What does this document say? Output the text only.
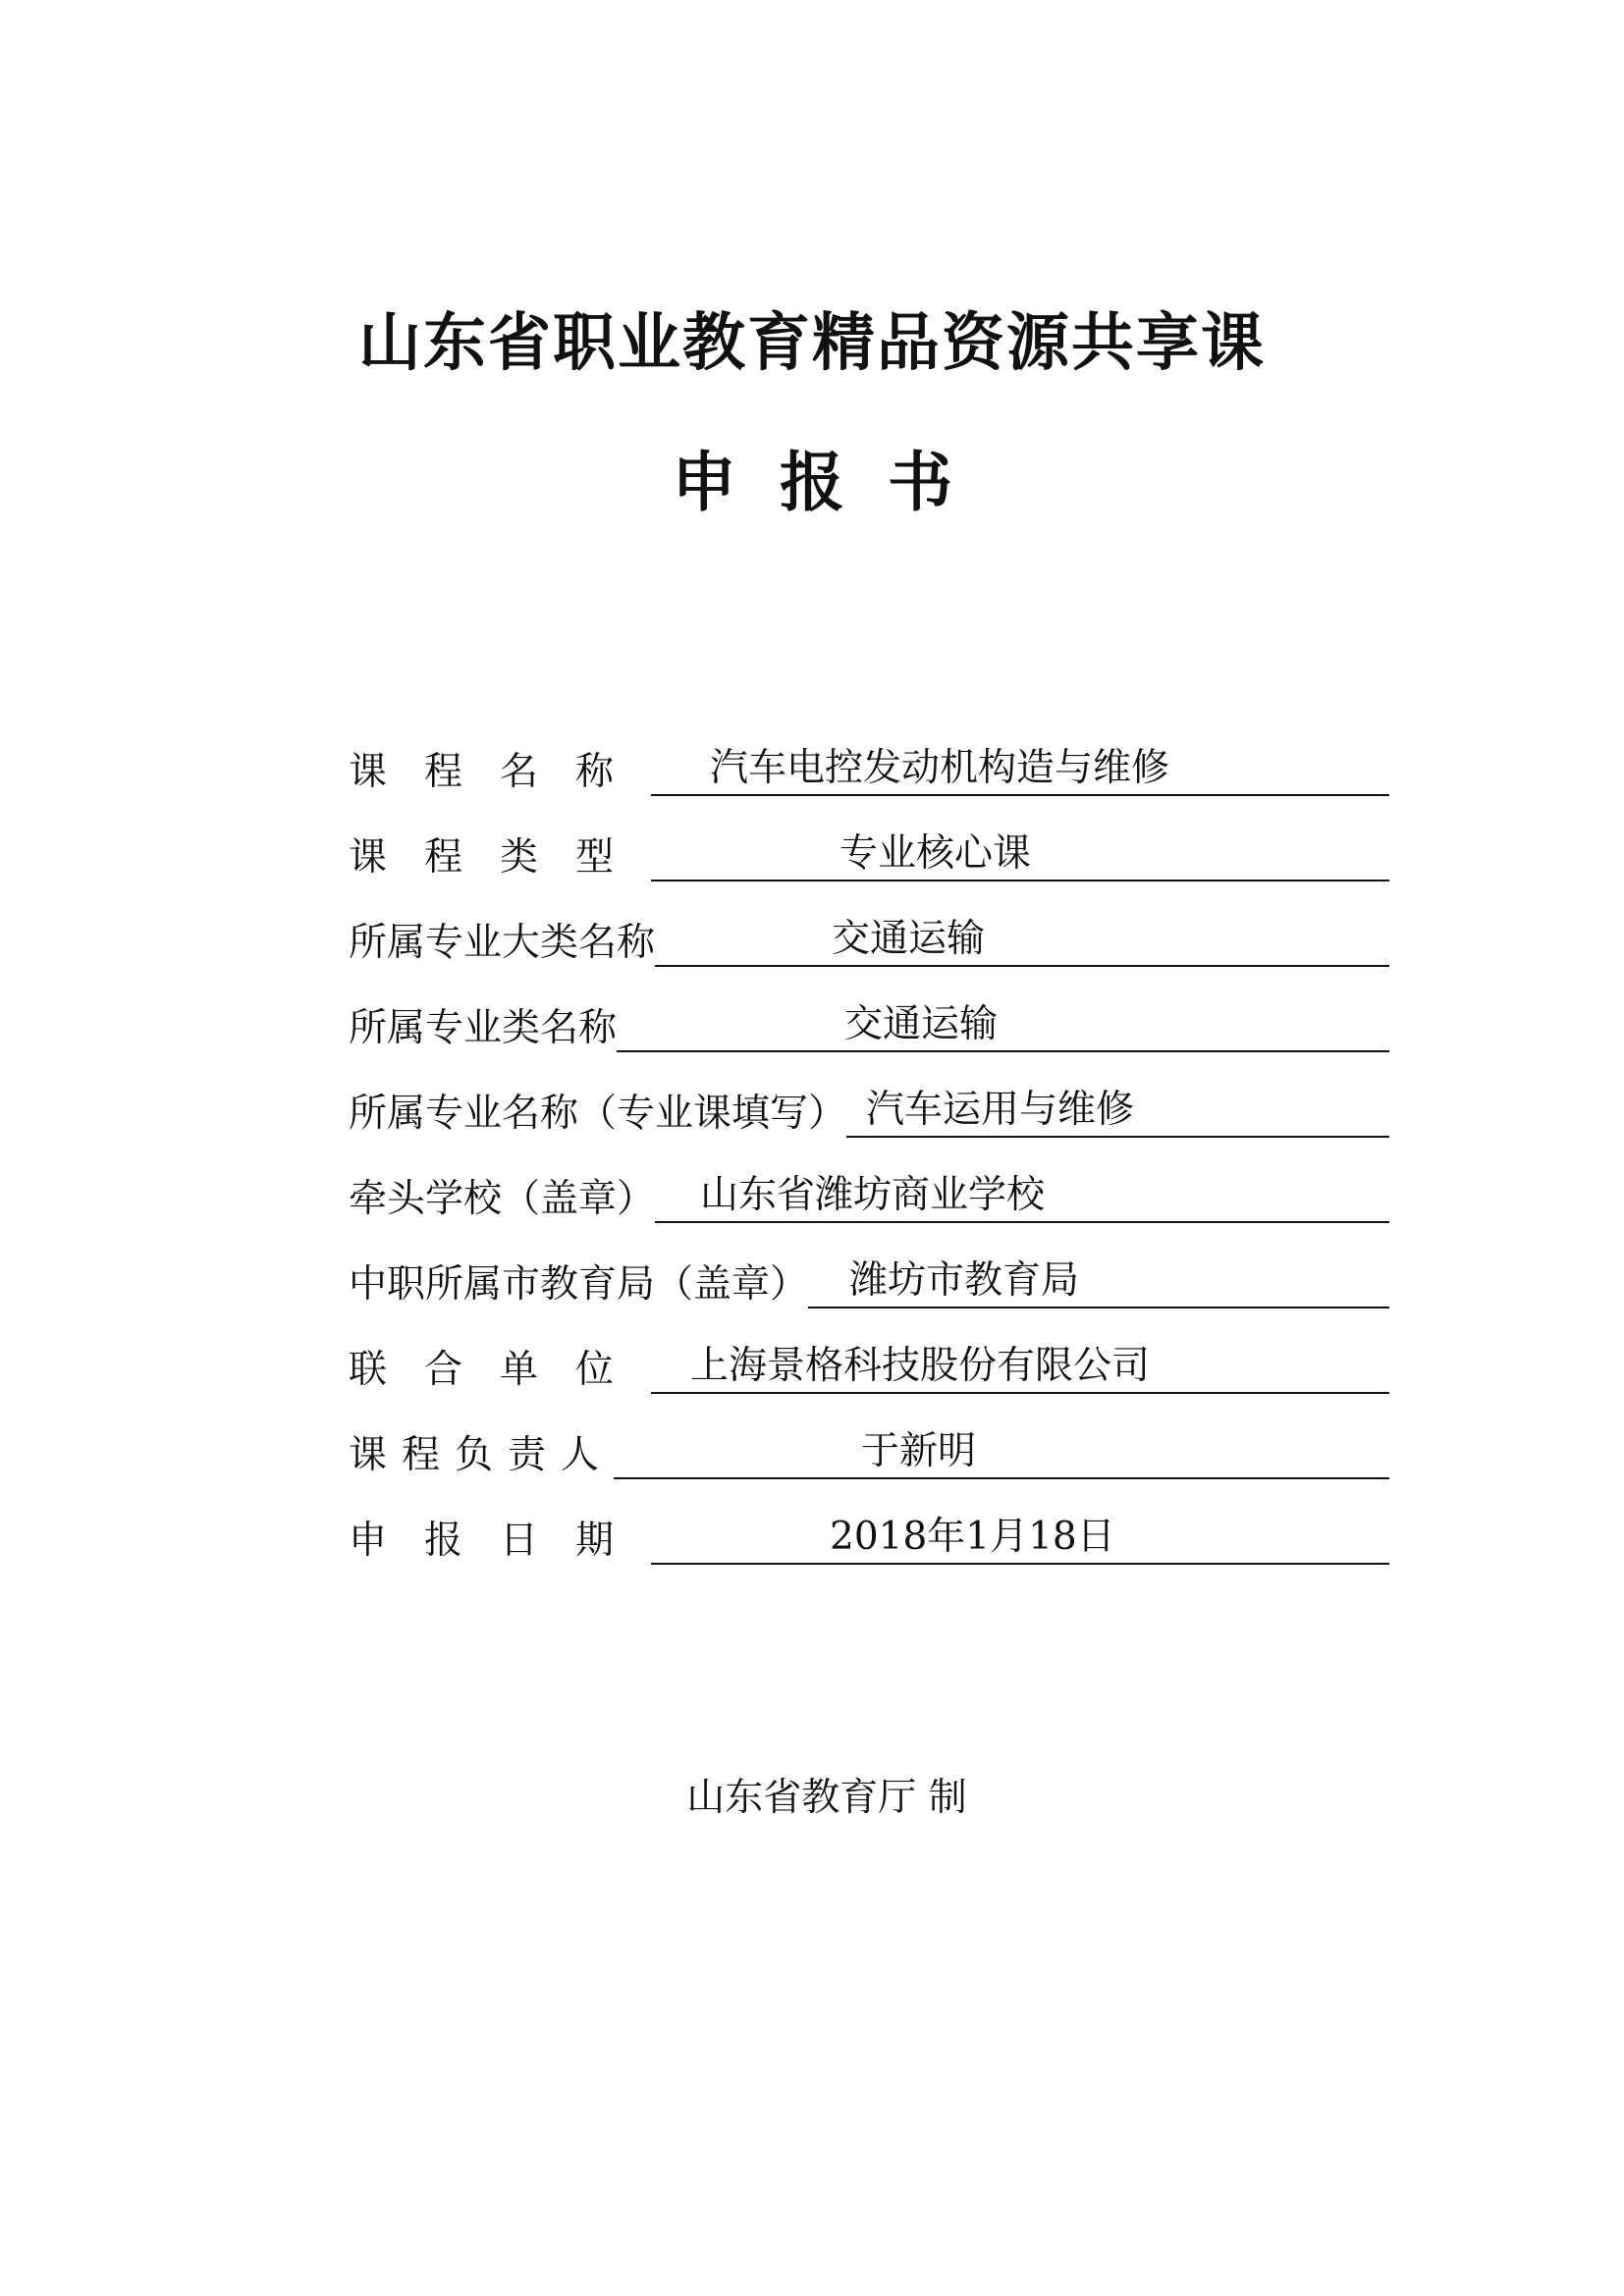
山东省职业教育精品资源共享课
申报书
课程名称 汽车电控发动机构造与维修
课程类型	专业核心课
所属专业大类名称	交通运输
所属专业类名称	交通运输
所属专业名称（专业课填写） 汽车运用与维修
牵头学校（盖章） 山东省潍坊商业学校
中职所属市教育局（盖章） 潍坊市教育局
联合单位 上海景格科技股份有限公司
课程负责人	于新明
申报日期	2018年1月18日
山东省教育厅 制
